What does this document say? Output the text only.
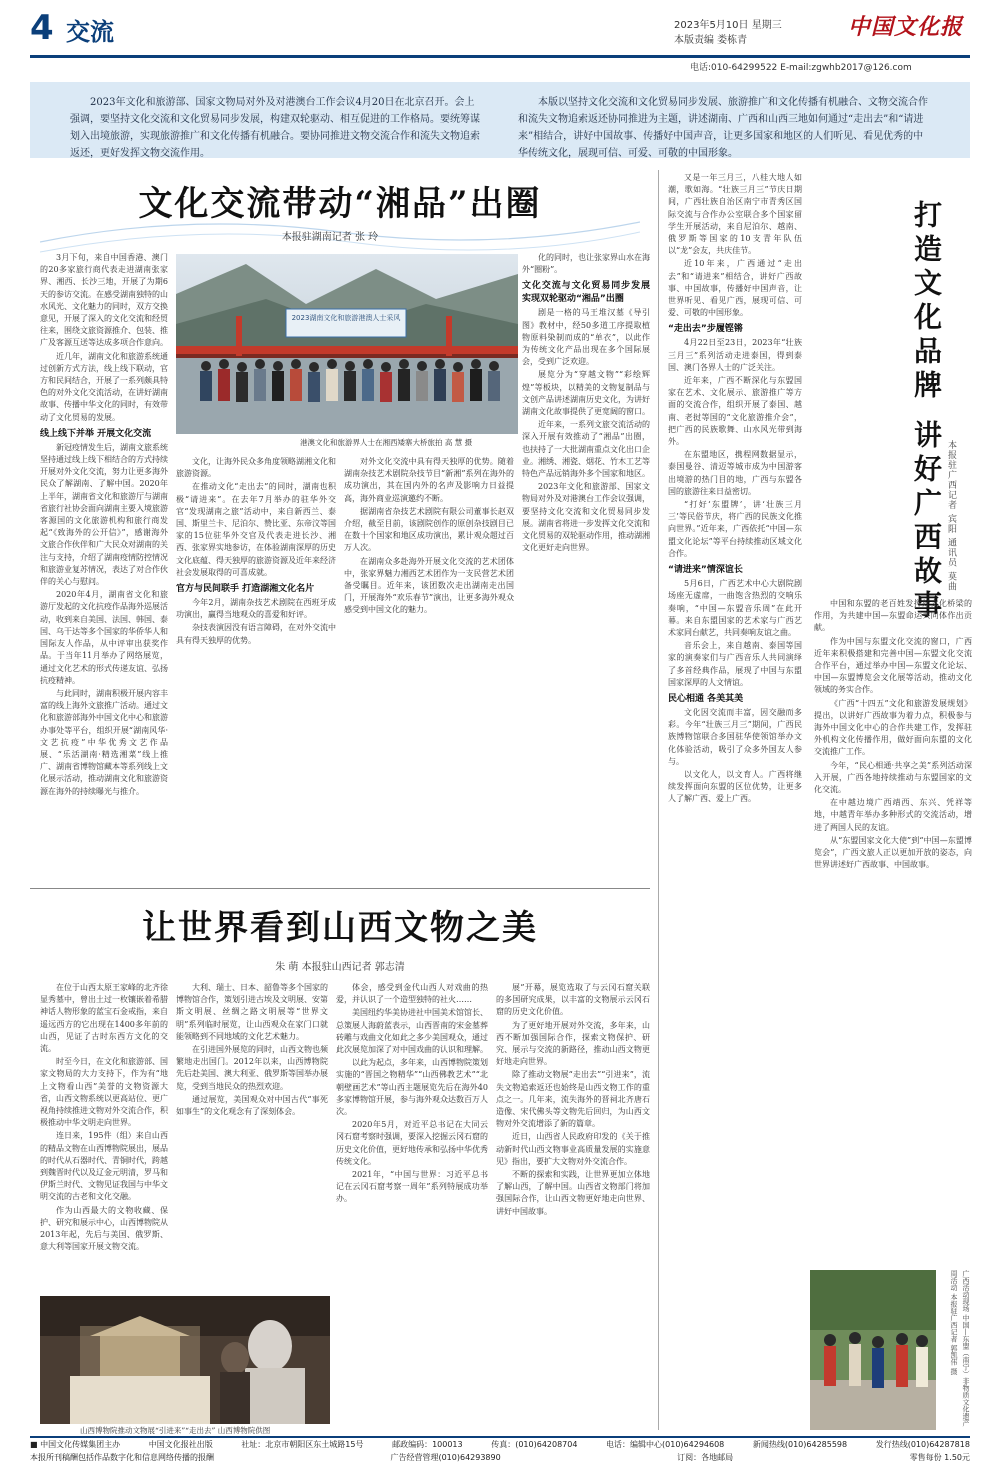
4 交流	2023年5月10日 星期三
本版责编 娄栋青
中国文化报
电话:010-64299522 E-mail:zgwhb2017@126.com

2023年文化和旅游部、国家文物局对外及对港澳台工作会议4月20日在北京召开。会上强调，要坚持文化交流和文化贸易同步发展，构建双轮驱动、相互促进的工作格局。要统筹谋划入出境旅游，实现旅游推广和文化传播有机融合。要协同推进文物交流合作和流失文物追索返还，更好发挥文物交流作用。

本版以坚持文化交流和文化贸易同步发展、旅游推广和文化传播有机融合、文物交流合作和流失文物追索返还协同推进为主题，讲述湖南、广西和山西三地如何通过“走出去”和“请进来”相结合，讲好中国故事、传播好中国声音，让更多国家和地区的人们听见、看见优秀的中华传统文化，展现可信、可爱、可敬的中国形象。

文化交流带动“湘品”出圈
本报驻湖南记者 张 玲

3月下旬，来自中国香港、澳门的20多家旅行商代表走进湖南张家界、湘西、长沙三地，开展了为期6天的参访交流。在感受湖南独特的山水风光、文化魅力的同时，双方交换意见，开展了深入的文化交流和经贸往来，围绕文旅资源推介、包装、推广及客源互送等达成多项合作意向。

近几年，湖南文化和旅游系统通过创新方式方法，线上线下联动，官方和民间结合，开展了一系列颇具特色的对外文化交流活动，在讲好湖南故事、传播中华文化的同时，有效带动了文化贸易的发展。

线上线下并举 开展文化交流

新冠疫情发生后，湖南文旅系统坚持通过线上线下相结合的方式持续开展对外文化交流，努力让更多海外民众了解湖南、了解中国。2020年上半年，湖南省文化和旅游厅与湖南省旅行社协会面向湖南主要入境旅游客源国的文化旅游机构和旅行商发起“《致海外的公开信》”，感谢海外文旅合作伙伴和广大民众对湖南的关注与支持，介绍了湖南疫情防控情况和旅游业复苏情况，表达了对合作伙伴的关心与慰问。

2020年4月，湖南省文化和旅游厅发起的文化抗疫作品海外巡展活动，收到来自美国、法国、韩国、泰国、乌干达等多个国家的华侨华人和国际友人作品，从中评审出获奖作品。于当年11月举办了网络展览，通过文化艺术的形式传递友谊、弘扬抗疫精神。

与此同时，湖南积极开展内容丰富的线上海外文旅推广活动。通过文化和旅游部海外中国文化中心和旅游办事处等平台，组织开展“湖南风华·文艺抗疫”中华优秀文艺作品展、“乐活湖南·精选湘菜”线上推广、湖南省博物馆藏本等系列线上文化展示活动，推动湖南文化和旅游资源在海外的持续曝光与推介。

2023湖南文化和旅游港澳人士采风
港澳文化和旅游界人士在湘西矮寨大桥旅拍 高 慧 摄

文化，让海外民众多角度领略湖湘文化和旅游资源。

在推动文化“走出去”的同时，湖南也积极“请进来”。在去年7月举办的驻华外交官“发现湖南之旅”活动中，来自新西兰、泰国、斯里兰卡、尼泊尔、赞比亚、东帝汶等国家的15位驻华外交官及代表走进长沙、湘西、张家界实地参访，在体验湖南深厚的历史文化底蕴、得天独厚的旅游资源及近年来经济社会发展取得的可喜成就。

官方与民间联手 打造湖湘文化名片

今年2月，湖南杂技艺术剧院在西班牙成功演出，赢得当地观众的喜爱和好评。

杂技表演因没有语言障碍，在对外交流中具有得天独厚的优势。

对外文化交流中具有得天独厚的优势。随着湖南杂技艺术剧院杂技节目“新湘”系列在海外的成功演出，其在国内外的名声及影响力日益提高，海外商业巡演邀约不断。

据湖南省杂技艺术剧院有限公司董事长赵双介绍，截至目前，该剧院创作的原创杂技剧目已在数十个国家和地区成功演出，累计观众超过百万人次。

在湖南众多赴海外开展文化交流的艺术团体中，张家界魅力湘西艺术团作为一支民营艺术团备受瞩目。近年来，该团数次走出湖南走出国门，开展海外“欢乐春节”演出，让更多海外观众感受到中国文化的魅力。

化的同时，也让张家界山水在海外“圈粉”。

文化交流与文化贸易同步发展 实现双轮驱动“湘品”出圈

剧是一格的马王堆汉墓《导引图》教材中，经50多道工序提取植物原料染制而成的“单衣”，以此作为传统文化产品出现在多个国际展会，受到广泛欢迎。

展览分为“穿越文物”“彩绘辉煌”等板块，以精美的文物复制品与文创产品讲述湖南历史文化，为讲好湖南文化故事提供了更宽阔的窗口。

近年来，一系列文旅交流活动的深入开展有效推动了“湘品”出圈，也扶持了一大批湖南重点文化出口企业。湘绣、湘瓷、烟花、竹木工艺等特色产品远销海外多个国家和地区。

2023年文化和旅游部、国家文物局对外及对港澳台工作会议强调，要坚持文化交流和文化贸易同步发展。湖南省将进一步发挥文化交流和文化贸易的双轮驱动作用，推动湖湘文化更好走向世界。

让世界看到山西文物之美
朱 萌 本报驻山西记者 郭志清

在位于山西太原王家峰的北齐徐显秀墓中，曾出土过一枚镶嵌着希腊神话人物形象的蓝宝石金戒指，来自遥远西方的它出现在1400多年前的山西，见证了古时东西方文化的交流。

时至今日，在文化和旅游部、国家文物局的大力支持下，作为有“地上文物看山西”美誉的文物资源大省，山西文物系统以更高站位、更广视角持续推进文物对外交流合作，积极推动中华文明走向世界。

连日来，195件（组）来自山西的精品文物在山西博物院展出，展品的时代从石器时代、青铜时代，跨越到魏晋时代以及辽金元明清，罗马和伊斯兰时代、文物见证我国与中华文明交流的古老和文化交融。

作为山西最大的文物收藏、保护、研究和展示中心，山西博物院从2013年起，先后与美国、俄罗斯、意大利等国家开展文物交流。

大利、瑞士、日本、韶鲁等多个国家的博物馆合作，策划引进古埃及文明展、安第斯文明展、丝绸之路文明展等“世界文明”系列临时展览，让山西观众在家门口就能领略到不同地域的文化艺术魅力。

在引进国外展览的同时，山西文物也频繁地走出国门。2012年以来，山西博物院先后赴美国、澳大利亚、俄罗斯等国举办展览，受到当地民众的热烈欢迎。

通过展览，美国观众对中国古代“事死如事生”的文化观念有了深刻体会。

体会，感受到金代山西人对戏曲的热爱，并认识了一个造型独特的社火……

美国纽约华美协进社中国美术馆馆长、总策展人海蔚蓝表示，山西晋南的宋金墓葬砖雕与戏曲文化如此之多少美国观众，通过此次展览加深了对中国戏曲的认识和理解。

以此为起点，多年来，山西博物院策划实施的“晋国之物精华”“山西佛教艺术”“北朝壁画艺术”等山西主题展览先后在海外40多家博物馆开展，参与海外观众达数百万人次。

2020年5月，对近平总书记在大同云冈石窟考察时强调，要深入挖掘云冈石窟的历史文化价值，更好地传承和弘扬中华优秀传统文化。

2021年，“中国与世界：习近平总书记在云冈石窟考察一周年”系列特展成功举办。

展”开幕，展览选取了与云冈石窟关联的多国研究成果，以丰富的文物展示云冈石窟的历史文化价值。

为了更好地开展对外交流，多年来，山西不断加强国际合作，探索文物保护、研究、展示与交流的新路径，推动山西文物更好地走向世界。

除了推动文物展“走出去”“引进来”，流失文物追索返还也始终是山西文物工作的重点之一。几年来，流失海外的晋祠北齐唐石造像、宋代佛头等文物先后回归，为山西文物对外交流增添了新的篇章。

近日，山西省人民政府印发的《关于推动新时代山西文物事业高质量发展的实施意见》指出，要扩大文物对外交流合作。

不断的探索和实践，让世界更加立体地了解山西，了解中国。山西省文物部门将加强国际合作，让山西文物更好地走向世界、讲好中国故事。

山西博物院推动文物展“引进来”“走出去” 山西博物院供图

又是一年三月三，八桂大地人如潮，歌如海。“壮族三月三”节庆日期间，广西壮族自治区南宁市青秀区国际交流与合作办公室联合多个国家留学生开展活动，来自尼泊尔、越南、俄罗斯等国家的10支青年队伍以“龙”会友，共庆佳节。

近10年来，广西通过“走出去”和“请进来”相结合，讲好广西故事、中国故事，传播好中国声音，让世界听见、看见广西，展现可信、可爱、可敬的中国形象。

“走出去”步履铿锵

4月22日至23日，2023年“壮族三月三”系列活动走进泰国，得到泰国、澳门各界人士的广泛关注。

近年来，广西不断深化与东盟国家在艺术、文化展示、旅游推广等方面的交流合作，组织开展了泰国、越南、老挝等国的“文化旅游推介会”，把广西的民族歌舞、山水风光带到海外。

在东盟地区，携程网数据显示，泰国曼谷、清迈等城市成为中国游客出境游的热门目的地，广西与东盟各国的旅游往来日益密切。

“打好‘东盟牌’，讲‘壮族三月三’等民俗节庆，将广西的民族文化推向世界。”近年来，广西依托“中国—东盟文化论坛”等平台持续推动区域文化合作。

“请进来”情深谊长

5月6日，广西艺术中心大剧院剧场座无虚席，一曲饱含热烈的交响乐奏响，“中国—东盟音乐周”在此开幕。来自东盟国家的艺术家与广西艺术家同台献艺，共同奏响友谊之曲。

音乐会上，来自越南、泰国等国家的演奏家们与广西音乐人共同演绎了多首经典作品，展现了中国与东盟国家深厚的人文情谊。

民心相通 各美其美

文化因交流而丰富，因交融而多彩。今年“壮族三月三”期间，广西民族博物馆联合多国驻华使领馆举办文化体验活动，吸引了众多外国友人参与。

以文化人，以文育人。广西将继续发挥面向东盟的区位优势，让更多人了解广西、爱上广西。

打造文化品牌 讲好广西故事 本报驻广西记者 宾阳 通讯员 莫曲

中国和东盟的老百姓发挥好文化桥梁的作用，为共建中国—东盟命运共同体作出贡献。

作为中国与东盟文化交流的窗口，广西近年来积极搭建和完善中国—东盟文化交流合作平台，通过举办中国—东盟文化论坛、中国—东盟博览会文化展等活动，推动文化领域的务实合作。

《广西“十四五”文化和旅游发展规划》提出，以讲好广西故事为着力点，积极参与海外中国文化中心的合作共建工作，发挥驻外机构文化传播作用，做好面向东盟的文化交流推广工作。

今年，“民心相通·共享之美”系列活动深入开展，广西各地持续推动与东盟国家的文化交流。

在中越边境广西靖西、东兴、凭祥等地，中越青年举办多种形式的交流活动，增进了两国人民的友谊。

从“东盟国家文化大使”到“中国—东盟博览会”，广西文旅人正以更加开放的姿态，向世界讲述好广西故事、中国故事。

广西活动现场 中国—东盟（南宁）非物质文化遗产周活动 本报驻广西记者 郭凯伟 摄
■ 中国文化传媒集团主办	中国文化报社出版	社址：北京市朝阳区东土城路15号	邮政编码：100013	传真：(010)64208704	电话：编辑中心(010)64294608	新闻热线(010)64285598	发行热线(010)64287818
本报所刊稿酬包括作品数字化和信息网络传播的报酬	广告经营管理(010)64293890	订阅：各地邮局	零售每份 1.50元
